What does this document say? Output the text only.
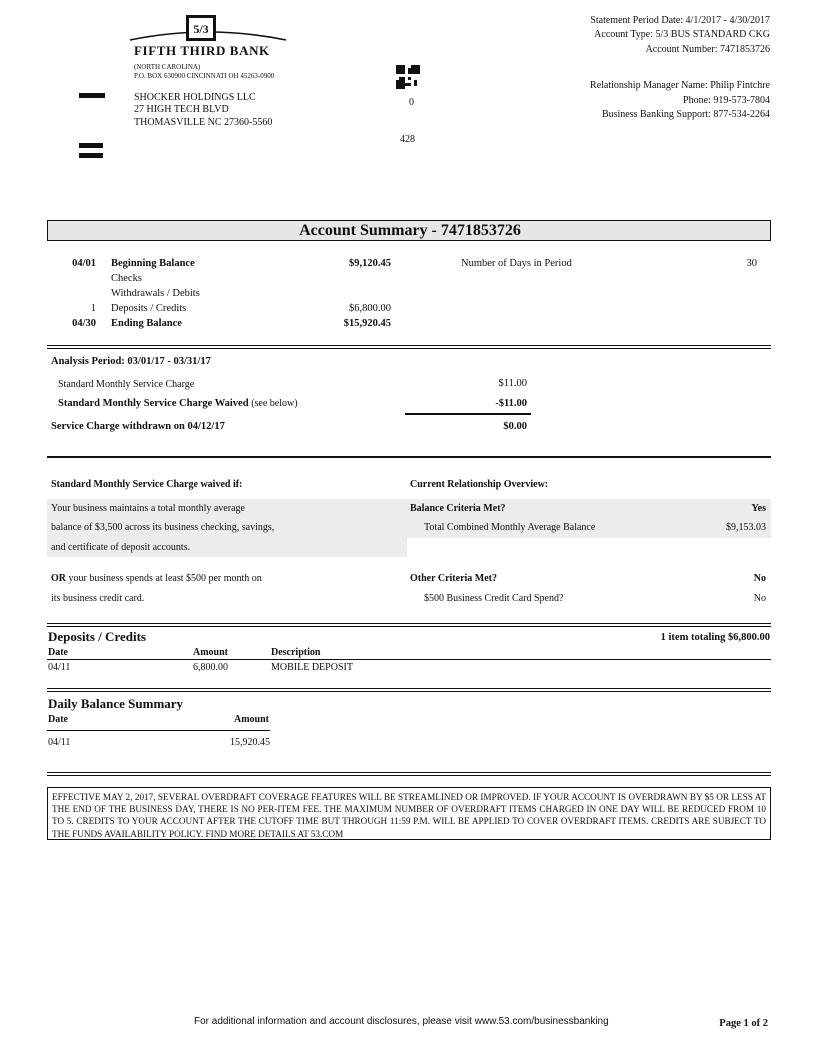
5/3
FIFTH THIRD BANK
(NORTH CAROLINA)
P.O. BOX 630900 CINCINNATI OH 45263-0900
SHOCKER HOLDINGS LLC
27 HIGH TECH BLVD
THOMASVILLE NC 27360-5560
0
428
Statement Period Date: 4/1/2017 - 4/30/2017
Account Type: 5/3 BUS STANDARD CKG
Account Number: 7471853726
Relationship Manager Name: Philip Fintchre
Phone: 919-573-7804
Business Banking Support: 877-534-2264
Account Summary - 7471853726
04/01 Beginning Balance	$9,120.45
Checks
Withdrawals / Debits
1 Deposits / Credits	$6,800.00
04/30 Ending Balance	$15,920.45
Number of Days in Period	30
Analysis Period: 03/01/17 - 03/31/17
Standard Monthly Service Charge	$11.00
Standard Monthly Service Charge Waived (see below)	-$11.00
Service Charge withdrawn on 04/12/17	$0.00
Standard Monthly Service Charge waived if:	Current Relationship Overview:
Your business maintains a total monthly average
balance of $3,500 across its business checking, savings,
and certificate of deposit accounts.
Balance Criteria Met?	Yes
Total Combined Monthly Average Balance	$9,153.03
OR your business spends at least $500 per month on
its business credit card.
Other Criteria Met?	No
$500 Business Credit Card Spend?	No
Deposits / Credits	1 item totaling $6,800.00
Date	Amount	Description
04/11	6,800.00	MOBILE DEPOSIT
Daily Balance Summary
Date	Amount
04/11	15,920.45
EFFECTIVE MAY 2, 2017, SEVERAL OVERDRAFT COVERAGE FEATURES WILL BE STREAMLINED OR IMPROVED. IF YOUR ACCOUNT IS OVERDRAWN BY $5 OR LESS AT THE END OF THE BUSINESS DAY, THERE IS NO PER-ITEM FEE. THE MAXIMUM NUMBER OF OVERDRAFT ITEMS CHARGED IN ONE DAY WILL BE REDUCED FROM 10 TO 5. CREDITS TO YOUR ACCOUNT AFTER THE CUTOFF TIME BUT THROUGH 11:59 P.M. WILL BE APPLIED TO COVER OVERDRAFT ITEMS. CREDITS ARE SUBJECT TO THE FUNDS AVAILABILITY POLICY. FIND MORE DETAILS AT 53.COM
For additional information and account disclosures, please visit www.53.com/businessbanking	Page 1 of 2
